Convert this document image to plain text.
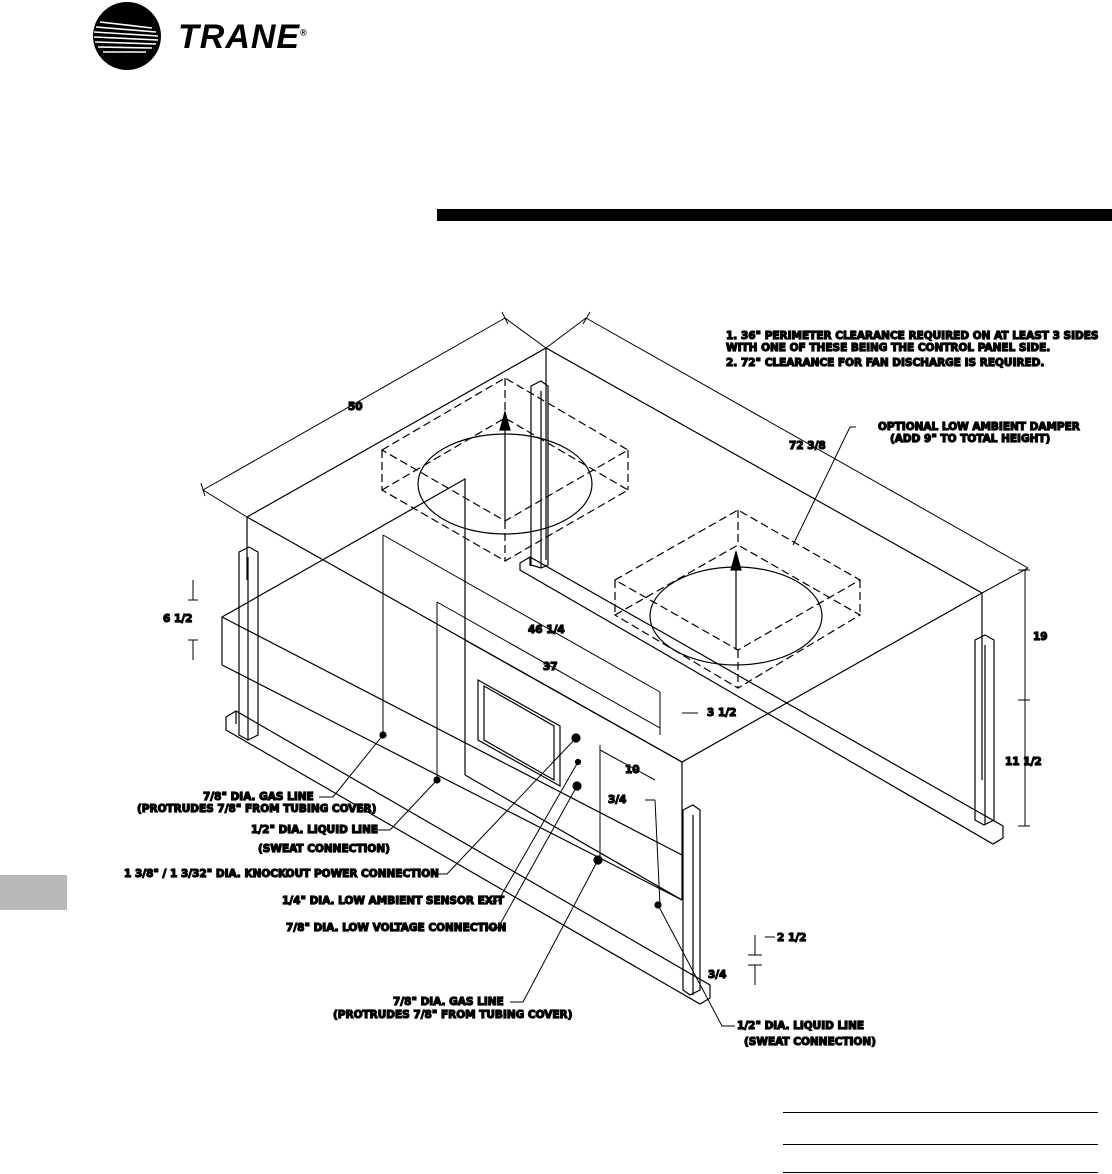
TRANE®
1. 36" PERIMETER CLEARANCE REQUIRED ON AT LEAST 3 SIDES
WITH ONE OF THESE BEING THE CONTROL PANEL SIDE.
2. 72" CLEARANCE FOR FAN DISCHARGE IS REQUIRED.
OPTIONAL LOW AMBIENT DAMPER
(ADD 9" TO TOTAL HEIGHT)
50
72 3/8
46 1/4
37
6 1/2
19
11 1/2
3 1/2
10
3/4
2 1/2
3/4
7/8" DIA. GAS LINE
(PROTRUDES 7/8" FROM TUBING COVER)
1/2" DIA. LIQUID LINE
(SWEAT CONNECTION)
1 3/8" / 1 3/32" DIA. KNOCKOUT POWER CONNECTION
1/4" DIA. LOW AMBIENT SENSOR EXIT
7/8" DIA. LOW VOLTAGE CONNECTION
7/8" DIA. GAS LINE
(PROTRUDES 7/8" FROM TUBING COVER)
1/2" DIA. LIQUID LINE
(SWEAT CONNECTION)
